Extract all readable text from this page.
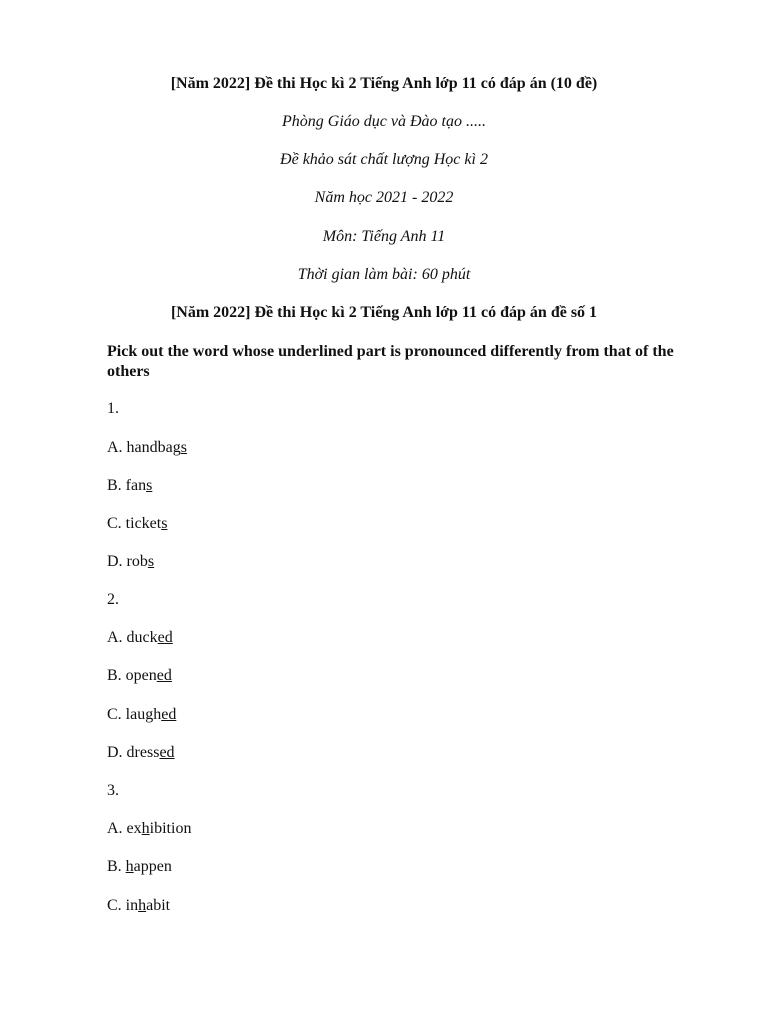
[Năm 2022] Đề thi Học kì 2 Tiếng Anh lớp 11 có đáp án (10 đề)
Phòng Giáo dục và Đào tạo .....
Đề khảo sát chất lượng Học kì 2
Năm học 2021 - 2022
Môn: Tiếng Anh 11
Thời gian làm bài: 60 phút
[Năm 2022] Đề thi Học kì 2 Tiếng Anh lớp 11 có đáp án đề số 1
Pick out the word whose underlined part is pronounced differently from that of the others
1.
A. handbags
B. fans
C. tickets
D. robs
2.
A. ducked
B. opened
C. laughed
D. dressed
3.
A. exhibition
B. happen
C. inhabit
